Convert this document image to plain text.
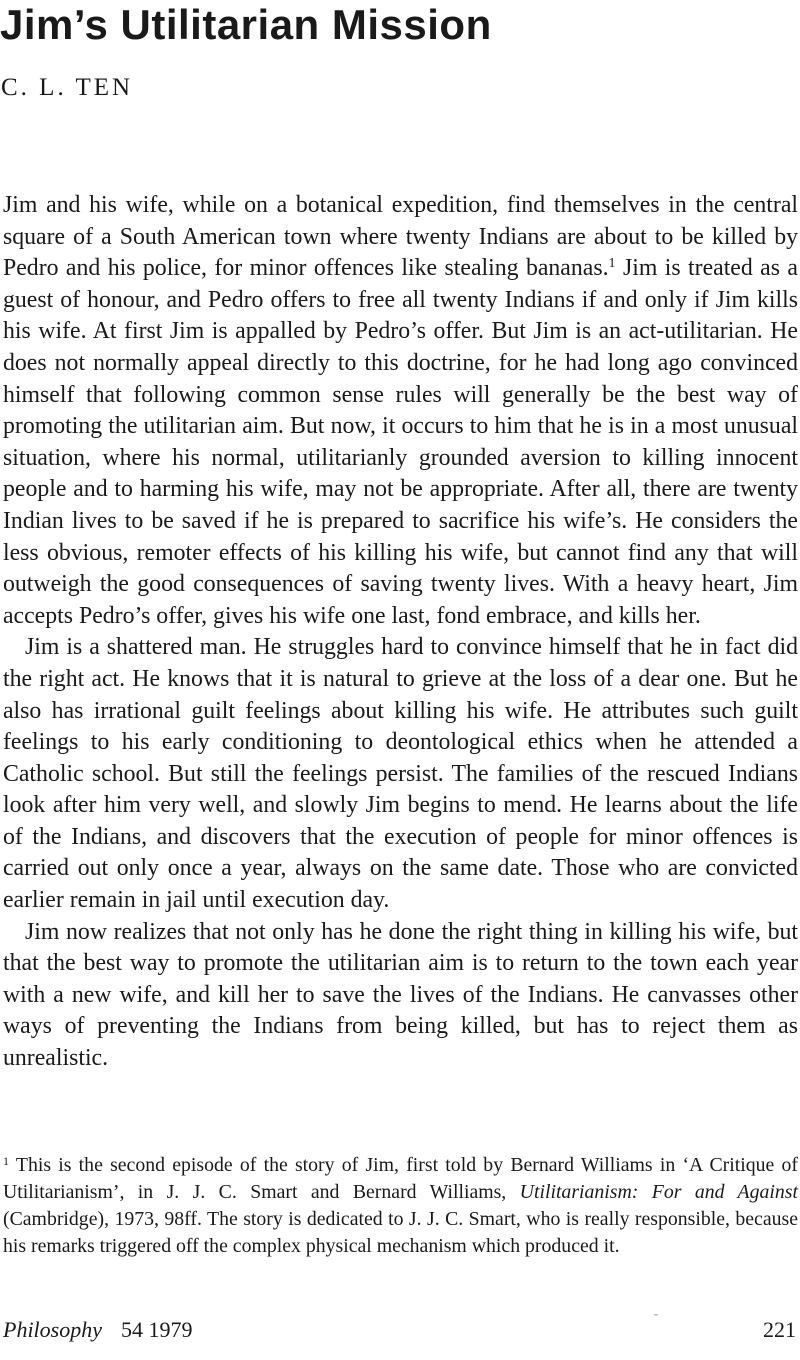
Jim’s Utilitarian Mission
C. L. TEN

Jim and his wife, while on a botanical expedition, find themselves in the central square of a South American town where twenty Indians are about to be killed by Pedro and his police, for minor offences like stealing bananas.$^1$ Jim is treated as a guest of honour, and Pedro offers to free all twenty Indians if and only if Jim kills his wife. At first Jim is appalled by Pedro’s offer. But Jim is an act-utilitarian. He does not normally appeal directly to this doctrine, for he had long ago convinced himself that following common sense rules will generally be the best way of promoting the utilitarian aim. But now, it occurs to him that he is in a most unusual situation, where his normal, utilitarianly grounded aversion to killing innocent people and to harming his wife, may not be appropriate. After all, there are twenty Indian lives to be saved if he is prepared to sacrifice his wife’s. He considers the less obvious, remoter effects of his killing his wife, but cannot find any that will outweigh the good consequences of saving twenty lives. With a heavy heart, Jim accepts Pedro’s offer, gives his wife one last, fond embrace, and kills her.

Jim is a shattered man. He struggles hard to convince himself that he in fact did the right act. He knows that it is natural to grieve at the loss of a dear one. But he also has irrational guilt feelings about killing his wife. He attributes such guilt feelings to his early conditioning to deontological ethics when he attended a Catholic school. But still the feelings persist. The families of the rescued Indians look after him very well, and slowly Jim begins to mend. He learns about the life of the Indians, and discovers that the execution of people for minor offences is carried out only once a year, always on the same date. Those who are convicted earlier remain in jail until execution day.

Jim now realizes that not only has he done the right thing in killing his wife, but that the best way to promote the utilitarian aim is to return to the town each year with a new wife, and kill her to save the lives of the Indians. He canvasses other ways of preventing the Indians from being killed, but has to reject them as unrealistic.

$^1$ This is the second episode of the story of Jim, first told by Bernard Williams in ‘A Critique of Utilitarianism’, in J. J. C. Smart and Bernard Williams, Utilitarianism: For and Against (Cambridge), 1973, 98ff. The story is dedicated to J. J. C. Smart, who is really responsible, because his remarks triggered off the complex physical mechanism which produced it.

Philosophy 54 1979	˘	221
